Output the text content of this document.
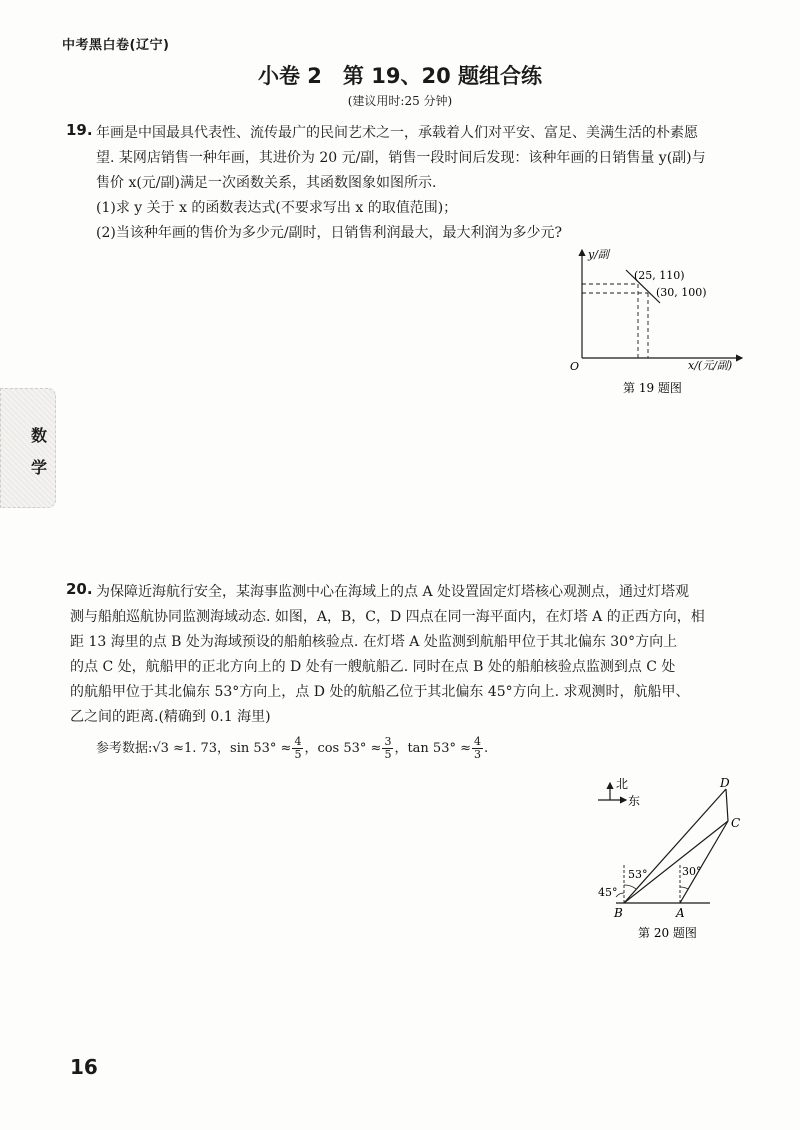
中考黑白卷(辽宁)
小卷 2　第 19、20 题组合练
(建议用时:25 分钟)
数
学
19. 年画是中国最具代表性、流传最广的民间艺术之一，承载着人们对平安、富足、美满生活的朴素愿
望. 某网店销售一种年画，其进价为 20 元/副，销售一段时间后发现：该种年画的日销售量 y(副)与
售价 x(元/副)满足一次函数关系，其函数图象如图所示.
(1)求 y 关于 x 的函数表达式(不要求写出 x 的取值范围)；
(2)当该种年画的售价为多少元/副时，日销售利润最大，最大利润为多少元?
y/副
x/(元/副)
O
(25, 110)
(30, 100)
第 19 题图
20. 为保障近海航行安全，某海事监测中心在海域上的点 A 处设置固定灯塔核心观测点，通过灯塔观
测与船舶巡航协同监测海域动态. 如图，A，B，C，D 四点在同一海平面内，在灯塔 A 的正西方向，相
距 13 海里的点 B 处为海域预设的船舶核验点. 在灯塔 A 处监测到航船甲位于其北偏东 30°方向上
的点 C 处，航船甲的正北方向上的 D 处有一艘航船乙. 同时在点 B 处的船舶核验点监测到点 C 处
的航船甲位于其北偏东 53°方向上，点 D 处的航船乙位于其北偏东 45°方向上. 求观测时，航船甲、
乙之间的距离.(精确到 0.1 海里)
参考数据:√3 ≈1. 73，$\sin 53^\circ \approx \frac{4}{5}$ ，$\cos 53^\circ \approx \frac{3}{5}$ ，$\tan 53^\circ \approx \frac{4}{3}$ .
北
东
D
C
B	A
53°
45°
30°
第 20 题图
16
